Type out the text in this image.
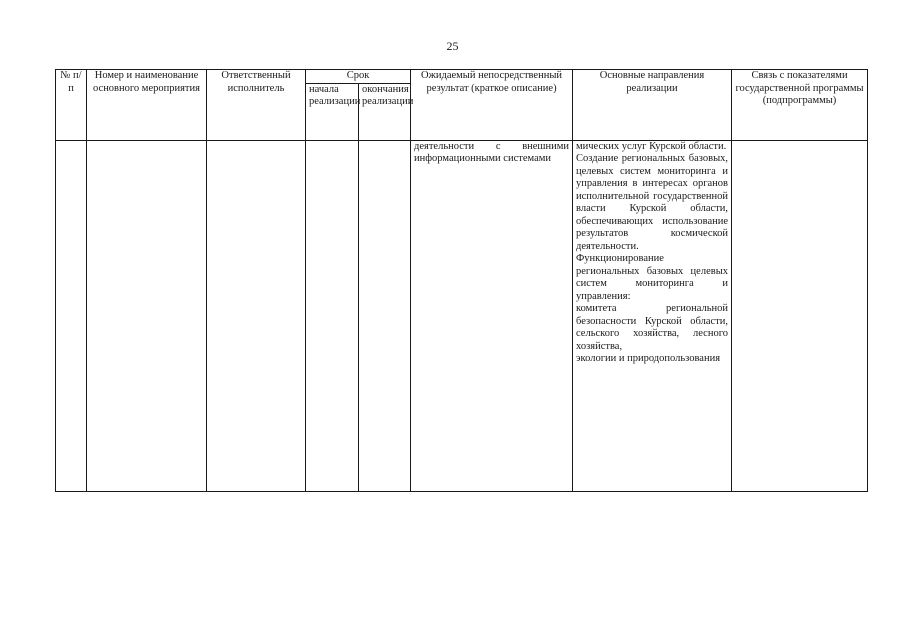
25
№ п/п	Номер и наименование основного мероприятия	Ответственный исполнитель	Срок		Ожидаемый непосредственный результат (краткое описание)	Основные направления реализации	Связь с показателями государственной программы (подпрограммы)
			начала реализации	окончания реализации			

					деятельности с внешними информационными системами	мических услуг Курской области.

Создание региональных базовых, целевых систем мониторинга и управления в интересах органов исполнительной государственной власти Курской области, обеспечивающих использование результатов космической деятельности.

Функционирование региональных базовых целевых систем мониторинга и управления:

комитета региональной безопасности Курской области, сельского хозяйства, лесного хозяйства,

экологии и природопользования	
